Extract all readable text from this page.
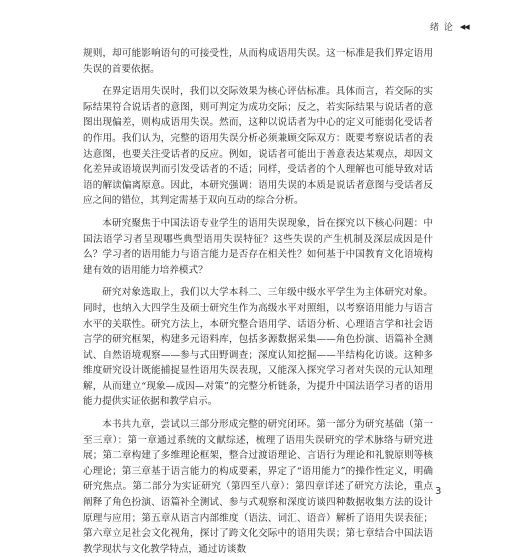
绪 论 ◀◀

规则，却可能影响语句的可接受性，从而构成语用失误。这一标准是我们界定语用失误的首要依据。

在界定语用失误时，我们以交际效果为核心评估标准。具体而言，若交际的实际结果符合说话者的意图，则可判定为成功交际；反之，若实际结果与说话者的意图出现偏差，则构成语用失误。然而，这种以说话者为中心的定义可能弱化受话者的作用。我们认为，完整的语用失误分析必须兼顾交际双方：既要考察说话者的表达意图，也要关注受话者的反应。例如，说话者可能出于善意表达某观点，却因文化差异或语境误判而引发受话者的不适；同样，受话者的个人理解也可能导致对话语的解读偏离原意。因此，本研究强调：语用失误的本质是说话者意图与受话者反应之间的错位，其判定需基于双向互动的综合分析。

本研究聚焦于中国法语专业学生的语用失误现象，旨在探究以下核心问题：中国法语学习者呈现哪些典型语用失误特征？这些失误的产生机制及深层成因是什么？学习者的语用能力与语言能力是否存在相关性？如何基于中国教育文化语境构建有效的语用能力培养模式？

研究对象选取上，我们以大学本科二、三年级中级水平学生为主体研究对象。同时，也纳入大四学生及硕士研究生作为高级水平对照组，以考察语用能力与语言水平的关联性。研究方法上，本研究整合语用学、话语分析、心理语言学和社会语言学的研究框架，构建多元语料库，包括多源数据采集——角色扮演、语篇补全测试、自然语境观察——参与式田野调查；深度认知挖掘——半结构化访谈。这种多维度研究设计既能捕捉显性语用失误表现，又能深入探究学习者对失误的元认知理解，从而建立“现象—成因—对策”的完整分析链条，为提升中国法语学习者的语用能力提供实证依据和教学启示。

本书共九章，尝试以三部分形成完整的研究闭环。第一部分为研究基础（第一至三章）：第一章通过系统的文献综述，梳理了语用失误研究的学术脉络与研究进展；第二章构建了多维理论框架，整合过渡语理论、言语行为理论和礼貌原则等核心理论；第三章基于语言能力的构成要素，界定了“语用能力”的操作性定义，明确研究焦点。第二部分为实证研究（第四至八章）：第四章详述了研究方法论，重点阐释了角色扮演、语篇补全测试、参与式观察和深度访谈四种数据收集方法的设计原理与应用；第五章从语言内部维度（语法、词汇、语音）解析了语用失误表征；第六章立足社会文化视角，探讨了跨文化交际中的语用失误；第七章结合中国法语教学现状与文化教学特点，通过访谈数

3
